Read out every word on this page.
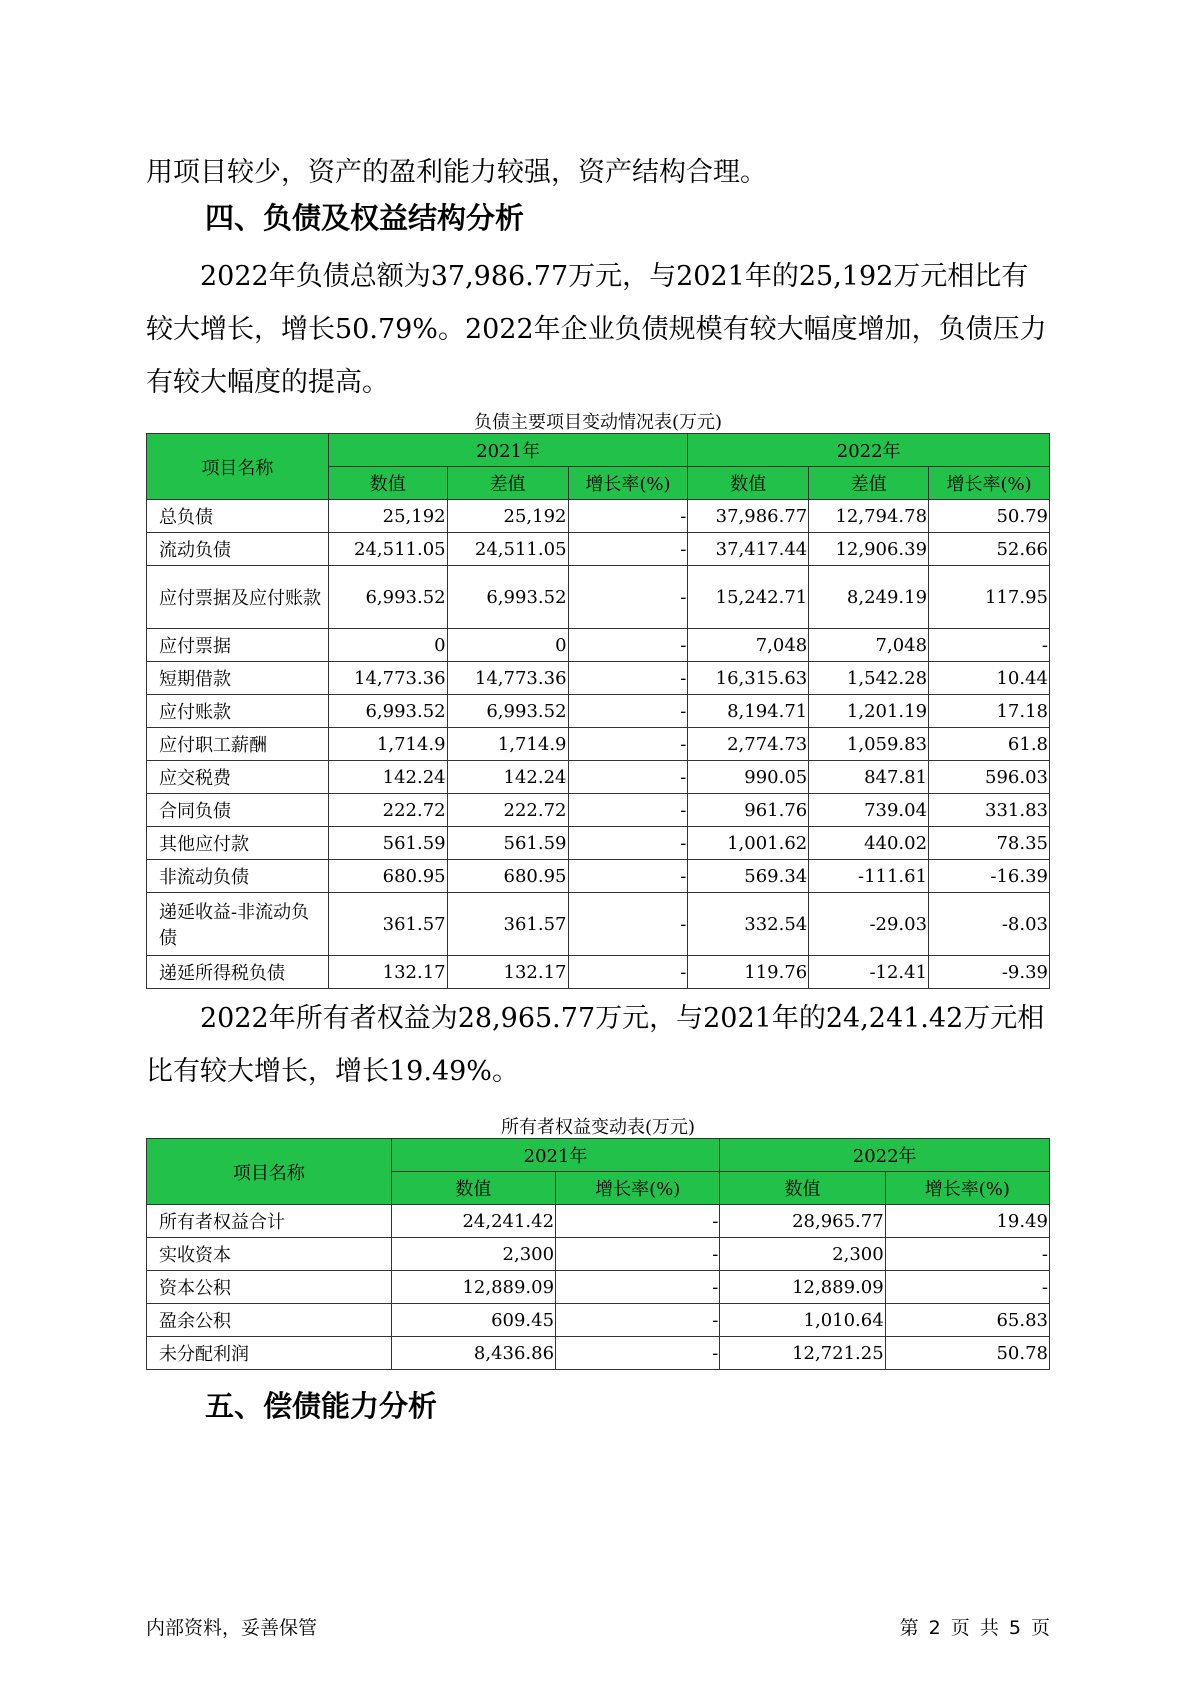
用项目较少，资产的盈利能力较强，资产结构合理。

四、负债及权益结构分析

2022年负债总额为37,986.77万元，与2021年的25,192万元相比有较大增长，增长50.79%。2022年企业负债规模有较大幅度增加，负债压力有较大幅度的提高。

负债主要项目变动情况表(万元)
项目名称	2021年			2022年		
	数值	差值	增长率(%)	数值	差值	增长率(%)
总负债	25,192	25,192	-	37,986.77	12,794.78	50.79
流动负债	24,511.05	24,511.05	-	37,417.44	12,906.39	52.66
应付票据及应付账款	6,993.52	6,993.52	-	15,242.71	8,249.19	117.95
应付票据	0	0	-	7,048	7,048	-
短期借款	14,773.36	14,773.36	-	16,315.63	1,542.28	10.44
应付账款	6,993.52	6,993.52	-	8,194.71	1,201.19	17.18
应付职工薪酬	1,714.9	1,714.9	-	2,774.73	1,059.83	61.8
应交税费	142.24	142.24	-	990.05	847.81	596.03
合同负债	222.72	222.72	-	961.76	739.04	331.83
其他应付款	561.59	561.59	-	1,001.62	440.02	78.35
非流动负债	680.95	680.95	-	569.34	-111.61	-16.39
递延收益-非流动负债	361.57	361.57	-	332.54	-29.03	-8.03
递延所得税负债	132.17	132.17	-	119.76	-12.41	-9.39

2022年所有者权益为28,965.77万元，与2021年的24,241.42万元相比有较大增长，增长19.49%。

所有者权益变动表(万元)
项目名称	2021年		2022年	
	数值	增长率(%)	数值	增长率(%)
所有者权益合计	24,241.42	-	28,965.77	19.49
实收资本	2,300	-	2,300	-
资本公积	12,889.09	-	12,889.09	-
盈余公积	609.45	-	1,010.64	65.83
未分配利润	8,436.86	-	12,721.25	50.78
五、偿债能力分析
内部资料，妥善保管	第 2 页 共 5 页
